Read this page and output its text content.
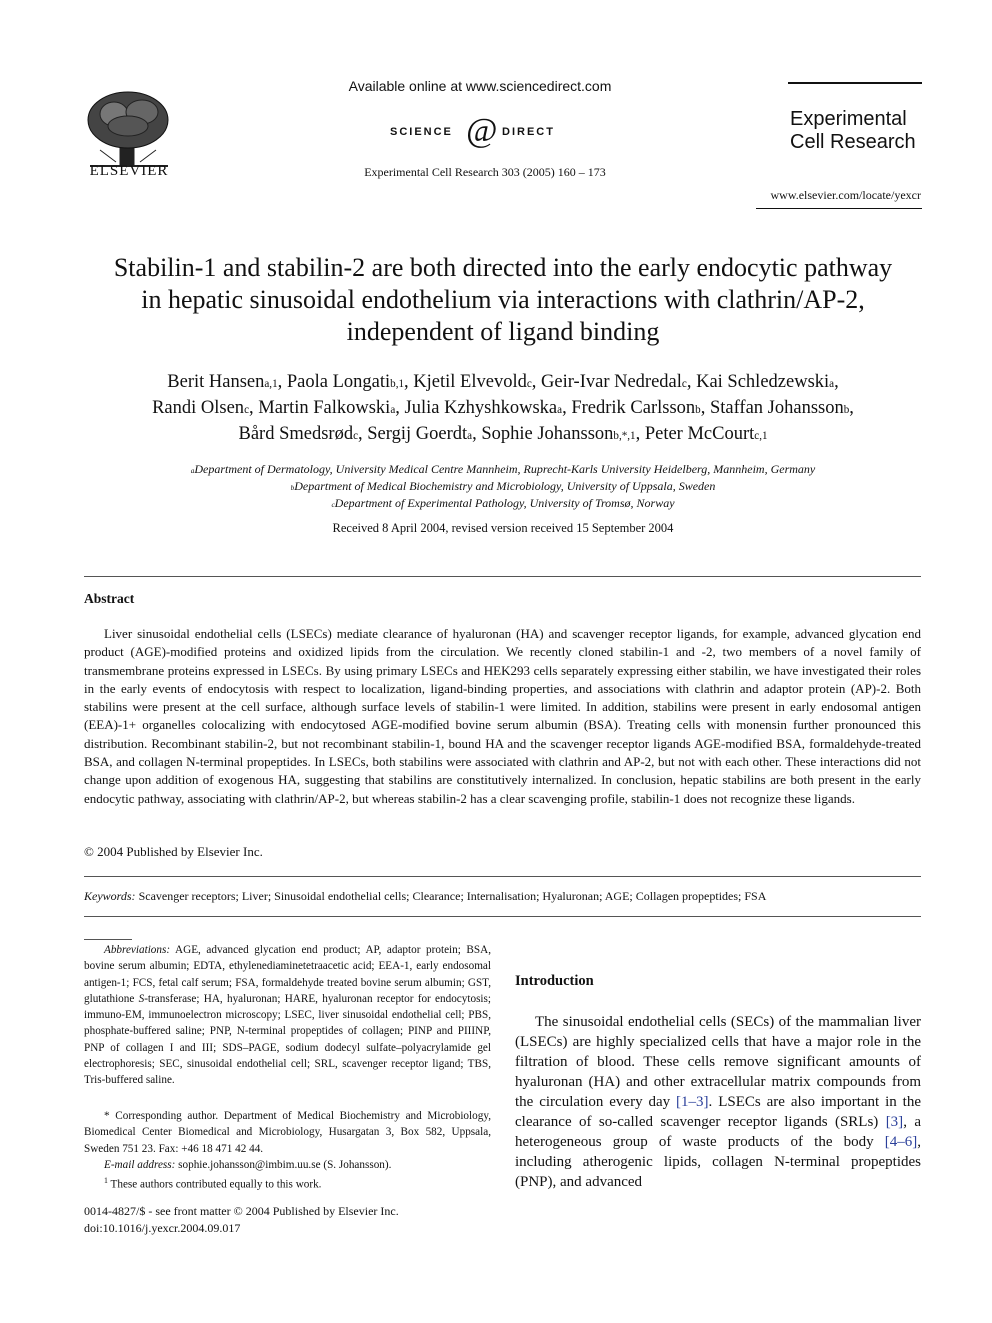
ELSEVIER
Available online at www.sciencedirect.com
SCIENCE @ DIRECT
Experimental Cell Research 303 (2005) 160 – 173
Experimental
Cell Research
www.elsevier.com/locate/yexcr
Stabilin-1 and stabilin-2 are both directed into the early endocytic pathway
in hepatic sinusoidal endothelium via interactions with clathrin/AP-2,
independent of ligand binding
Berit Hansen$^{a,1}$, Paola Longati$^{b,1}$, Kjetil Elvevold$^c$, Geir-Ivar Nedredal$^c$, Kai Schledzewski$^a$,
Randi Olsen$^c$, Martin Falkowski$^a$, Julia Kzhyshkowska$^a$, Fredrik Carlsson$^b$, Staffan Johansson$^b$,
Bård Smedsrød$^c$, Sergij Goerdt$^a$, Sophie Johansson$^{b,*,1}$, Peter McCourt$^{c,1}$
$^a$Department of Dermatology, University Medical Centre Mannheim, Ruprecht-Karls University Heidelberg, Mannheim, Germany
$^b$Department of Medical Biochemistry and Microbiology, University of Uppsala, Sweden
$^c$Department of Experimental Pathology, University of Tromsø, Norway
Received 8 April 2004, revised version received 15 September 2004
Abstract

Liver sinusoidal endothelial cells (LSECs) mediate clearance of hyaluronan (HA) and scavenger receptor ligands, for example, advanced glycation end product (AGE)-modified proteins and oxidized lipids from the circulation. We recently cloned stabilin-1 and -2, two members of a novel family of transmembrane proteins expressed in LSECs. By using primary LSECs and HEK293 cells separately expressing either stabilin, we have investigated their roles in the early events of endocytosis with respect to localization, ligand-binding properties, and associations with clathrin and adaptor protein (AP)-2. Both stabilins were present at the cell surface, although surface levels of stabilin-1 were limited. In addition, stabilins were present in early endosomal antigen (EEA)-1+ organelles colocalizing with endocytosed AGE-modified bovine serum albumin (BSA). Treating cells with monensin further pronounced this distribution. Recombinant stabilin-2, but not recombinant stabilin-1, bound HA and the scavenger receptor ligands AGE-modified BSA, formaldehyde-treated BSA, and collagen N-terminal propeptides. In LSECs, both stabilins were associated with clathrin and AP-2, but not with each other. These interactions did not change upon addition of exogenous HA, suggesting that stabilins are constitutively internalized. In conclusion, hepatic stabilins are both present in the early endocytic pathway, associating with clathrin/AP-2, but whereas stabilin-2 has a clear scavenging profile, stabilin-1 does not recognize these ligands.

© 2004 Published by Elsevier Inc.
Keywords: Scavenger receptors; Liver; Sinusoidal endothelial cells; Clearance; Internalisation; Hyaluronan; AGE; Collagen propeptides; FSA

Abbreviations: AGE, advanced glycation end product; AP, adaptor protein; BSA, bovine serum albumin; EDTA, ethylenediaminetetraacetic acid; EEA-1, early endosomal antigen-1; FCS, fetal calf serum; FSA, formaldehyde treated bovine serum albumin; GST, glutathione S-transferase; HA, hyaluronan; HARE, hyaluronan receptor for endocytosis; immuno-EM, immunoelectron microscopy; LSEC, liver sinusoidal endothelial cell; PBS, phosphate-buffered saline; PNP, N-terminal propeptides of collagen; PINP and PIIINP, PNP of collagen I and III; SDS–PAGE, sodium dodecyl sulfate–polyacrylamide gel electrophoresis; SEC, sinusoidal endothelial cell; SRL, scavenger receptor ligand; TBS, Tris-buffered saline.

* Corresponding author. Department of Medical Biochemistry and Microbiology, Biomedical Center Biomedical and Microbiology, Husargatan 3, Box 582, Uppsala, Sweden 751 23. Fax: +46 18 471 42 44.

E-mail address: sophie.johansson@imbim.uu.se (S. Johansson).

$^1$ These authors contributed equally to this work.

0014-4827/$ - see front matter © 2004 Published by Elsevier Inc.
doi:10.1016/j.yexcr.2004.09.017
Introduction

The sinusoidal endothelial cells (SECs) of the mammalian liver (LSECs) are highly specialized cells that have a major role in the filtration of blood. These cells remove significant amounts of hyaluronan (HA) and other extracellular matrix compounds from the circulation every day [1–3]. LSECs are also important in the clearance of so-called scavenger receptor ligands (SRLs) [3], a heterogeneous group of waste products of the body [4–6], including atherogenic lipids, collagen N-terminal propeptides (PNP), and advanced
